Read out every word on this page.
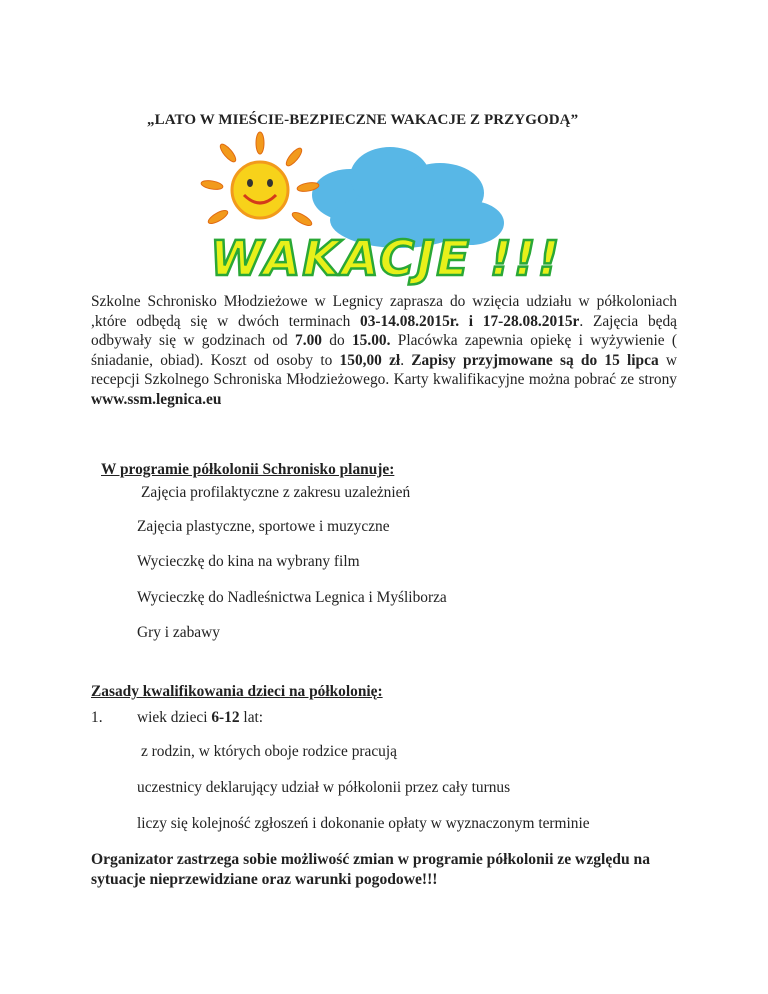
„LATO W MIEŚCIE-BEZPIECZNE WAKACJE Z PRZYGODĄ”
WAKACJE !!!
Szkolne Schronisko Młodzieżowe w Legnicy zaprasza do wzięcia udziału w półkoloniach ,które odbędą się w dwóch terminach 03-14.08.2015r. i 17-28.08.2015r. Zajęcia będą odbywały się w godzinach od 7.00 do 15.00. Placówka zapewnia opiekę i wyżywienie ( śniadanie, obiad). Koszt od osoby to 150,00 zł. Zapisy przyjmowane są do 15 lipca w recepcji Szkolnego Schroniska Młodzieżowego. Karty kwalifikacyjne można pobrać ze strony www.ssm.legnica.eu
W programie półkolonii Schronisko planuje:
Zajęcia profilaktyczne z zakresu uzależnień
Zajęcia plastyczne, sportowe i muzyczne
Wycieczkę do kina na wybrany film
Wycieczkę do Nadleśnictwa Legnica i Myśliborza
Gry i zabawy
Zasady kwalifikowania dzieci na półkolonię:
1. wiek dzieci 6-12 lat:
z rodzin, w których oboje rodzice pracują
uczestnicy deklarujący udział w półkolonii przez cały turnus
liczy się kolejność zgłoszeń i dokonanie opłaty w wyznaczonym terminie
Organizator zastrzega sobie możliwość zmian w programie półkolonii ze względu na sytuacje nieprzewidziane oraz warunki pogodowe!!!
